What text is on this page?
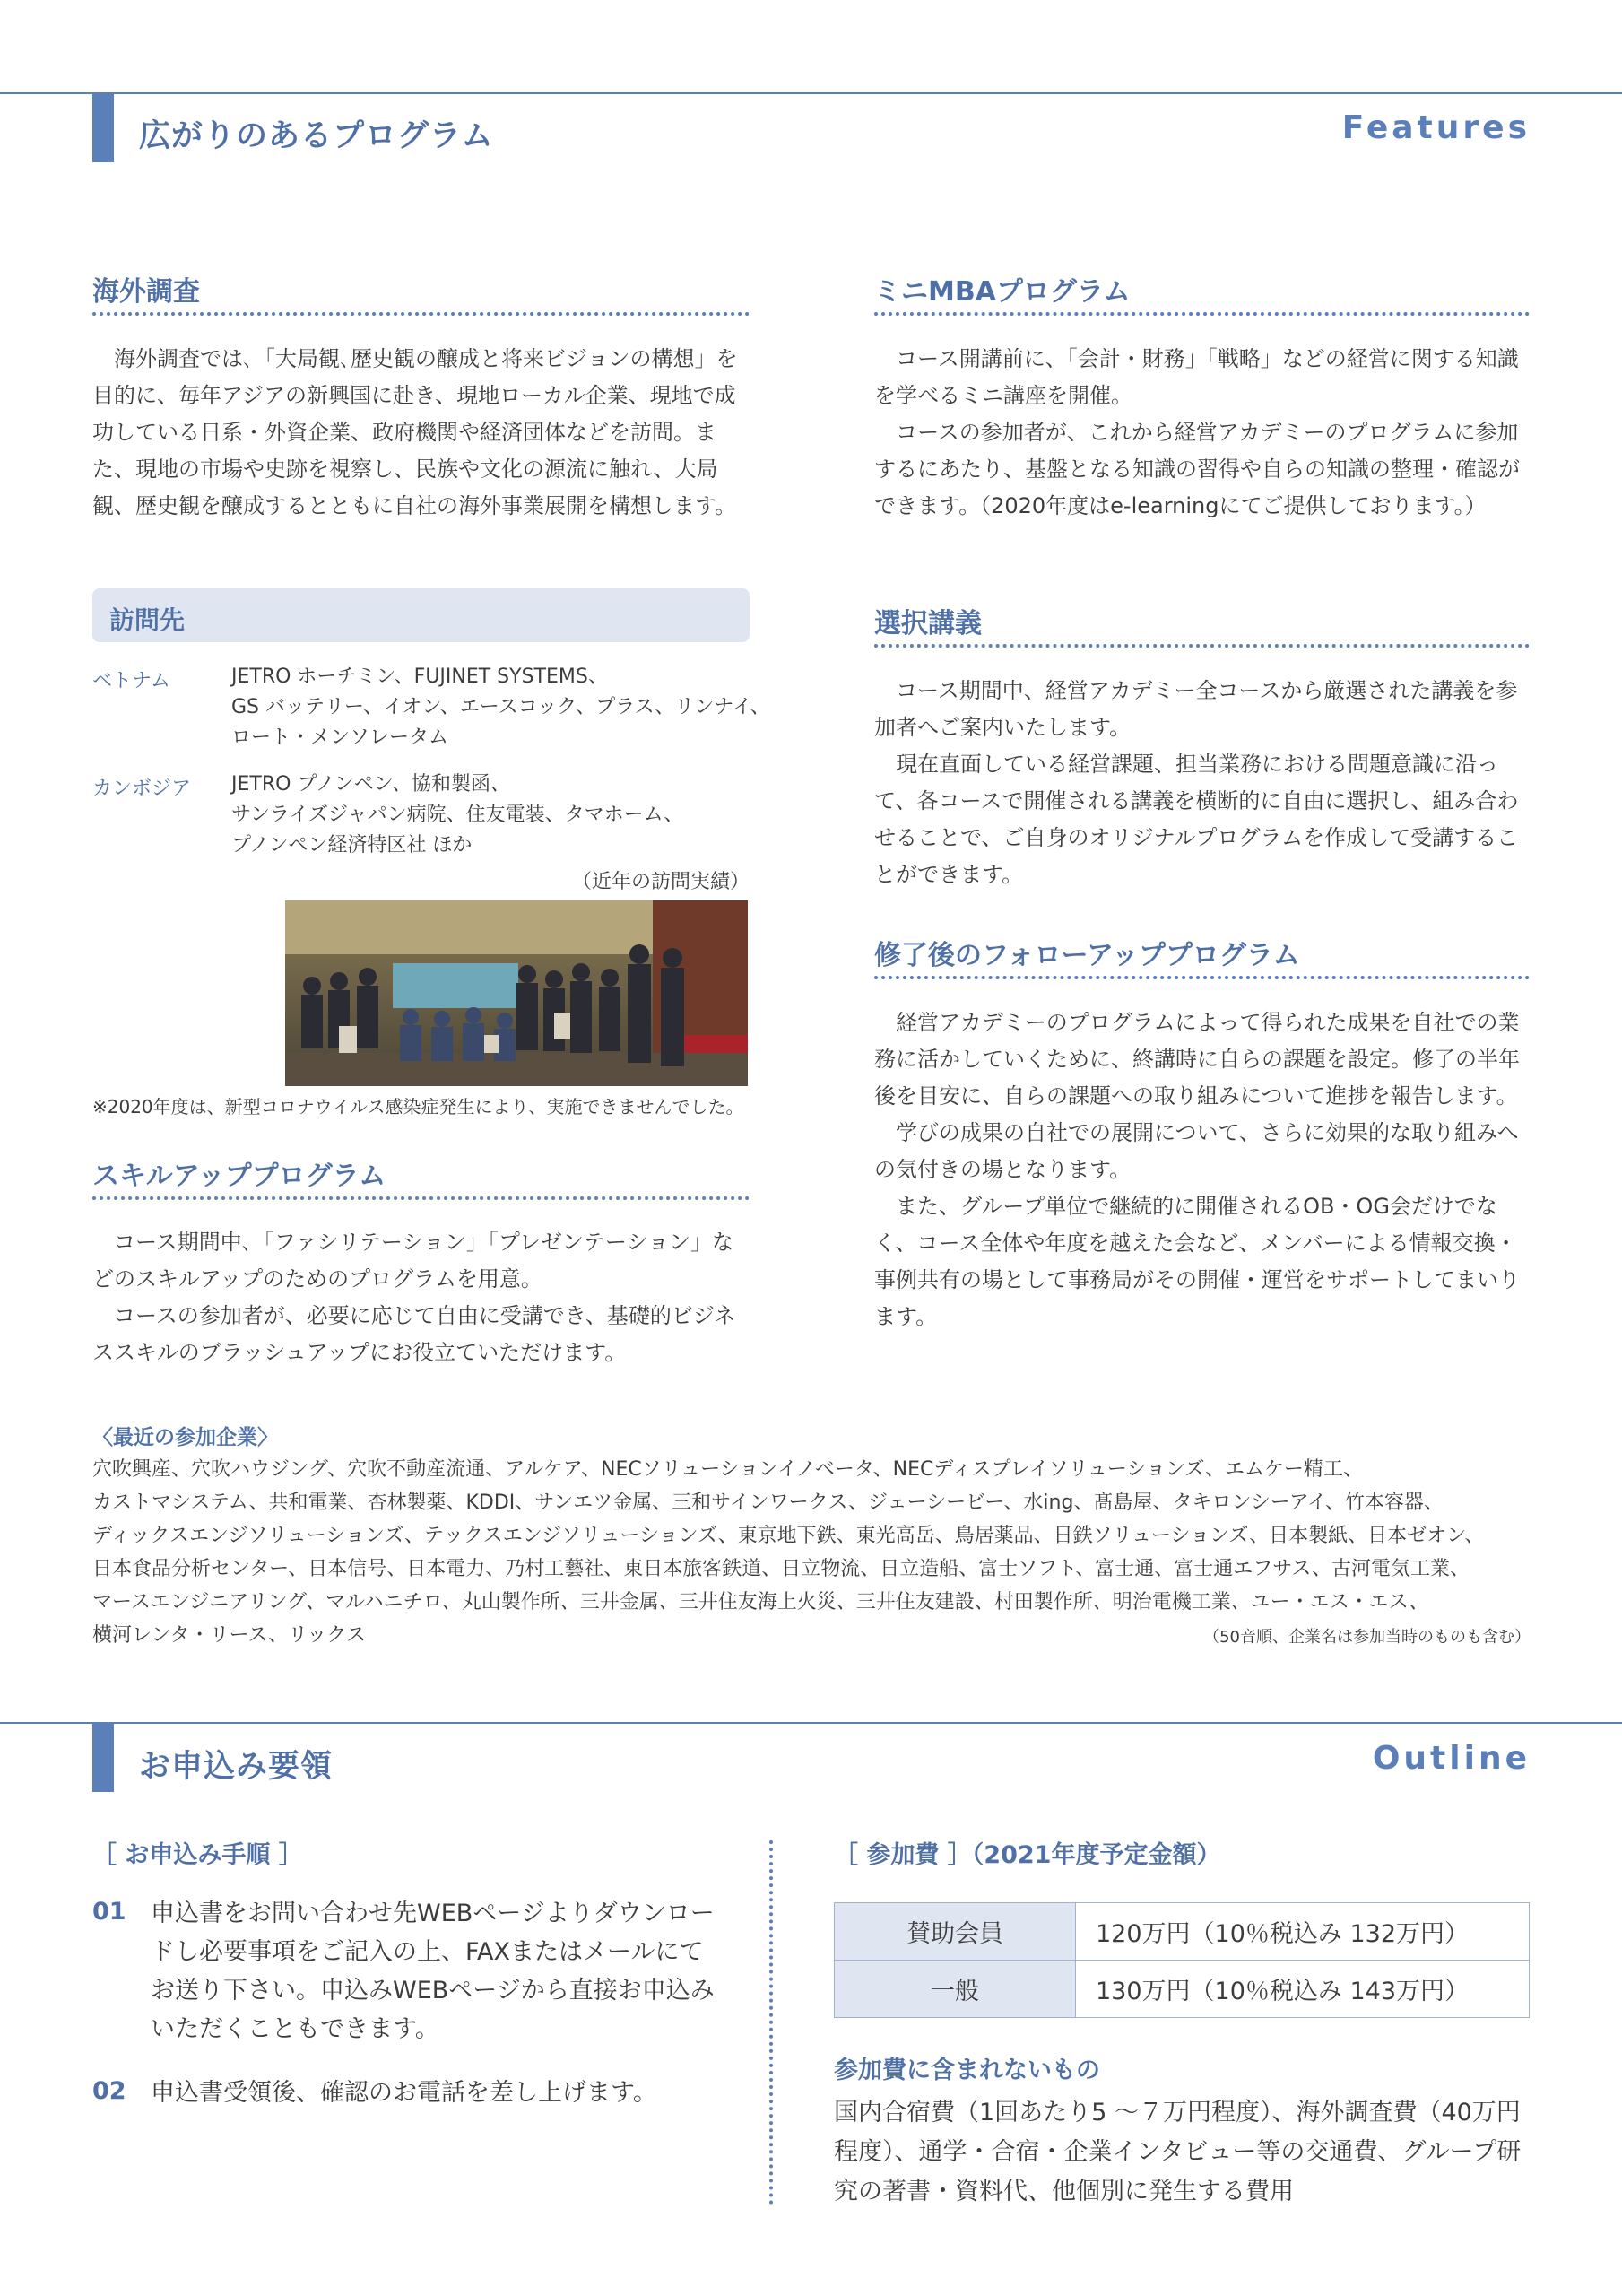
広がりのあるプログラム	Features
海外調査

海外調査では､「大局観､歴史観の醸成と将来ビジョンの構想」を目的に、毎年アジアの新興国に赴き、現地ローカル企業、現地で成功している日系・外資企業、政府機関や経済団体などを訪問。また、現地の市場や史跡を視察し、民族や文化の源流に触れ、大局観、歴史観を醸成するとともに自社の海外事業展開を構想します。

訪問先
ベトナム	JETRO ホーチミン、FUJINET SYSTEMS、
GS バッテリー、イオン、エースコック、プラス、リンナイ、
ロート・メンソレータム
カンボジア JETRO プノンペン、協和製函、
サンライズジャパン病院、住友電装、タマホーム、
プノンペン経済特区社 ほか
（近年の訪問実績）
※2020年度は、新型コロナウイルス感染症発生により、実施できませんでした。
スキルアッププログラム

コース期間中､「ファシリテーション」「プレゼンテーション」などのスキルアップのためのプログラムを用意。

コースの参加者が、必要に応じて自由に受講でき、基礎的ビジネススキルのブラッシュアップにお役立ていただけます。

ミニMBAプログラム

コース開講前に、「会計・財務」「戦略」などの経営に関する知識を学べるミニ講座を開催。

コースの参加者が、これから経営アカデミーのプログラムに参加するにあたり、基盤となる知識の習得や自らの知識の整理・確認ができます。（2020年度はe-learningにてご提供しております。）

選択講義

コース期間中、経営アカデミー全コースから厳選された講義を参加者へご案内いたします。

現在直面している経営課題、担当業務における問題意識に沿って、各コースで開催される講義を横断的に自由に選択し、組み合わせることで、ご自身のオリジナルプログラムを作成して受講することができます。

修了後のフォローアッププログラム

経営アカデミーのプログラムによって得られた成果を自社での業務に活かしていくために、終講時に自らの課題を設定。修了の半年後を目安に、自らの課題への取り組みについて進捗を報告します。

学びの成果の自社での展開について、さらに効果的な取り組みへの気付きの場となります。

また、グループ単位で継続的に開催されるOB・OG会だけでなく、コース全体や年度を越えた会など、メンバーによる情報交換・事例共有の場として事務局がその開催・運営をサポートしてまいります。

〈最近の参加企業〉
穴吹興産、穴吹ハウジング、穴吹不動産流通、アルケア、NECソリューションイノベータ、NECディスプレイソリューションズ、エムケー精工、
カストマシステム、共和電業、杏林製薬、KDDI、サンエツ金属、三和サインワークス、ジェーシービー、水ing、髙島屋、タキロンシーアイ、竹本容器、
ディックスエンジソリューションズ、テックスエンジソリューションズ、東京地下鉄、東光高岳、鳥居薬品、日鉄ソリューションズ、日本製紙、日本ゼオン、
日本食品分析センター、日本信号、日本電力、乃村工藝社、東日本旅客鉄道、日立物流、日立造船、富士ソフト、富士通、富士通エフサス、古河電気工業、
マースエンジニアリング、マルハニチロ、丸山製作所、三井金属、三井住友海上火災、三井住友建設、村田製作所、明治電機工業、ユー・エス・エス、
横河レンタ・リース、リックス	（50音順、企業名は参加当時のものも含む）
お申込み要領	Outline
［ お申込み手順 ］
01 申込書をお問い合わせ先WEBページよりダウンロードし必要事項をご記入の上、FAXまたはメールにてお送り下さい。申込みWEBページから直接お申込みいただくこともできます。
02 申込書受領後、確認のお電話を差し上げます。
［ 参加費 ］（2021年度予定金額）
賛助会員	120万円（10％税込み 132万円）
一般	130万円（10％税込み 143万円）
参加費に含まれないもの
国内合宿費（1回あたり5 ～７万円程度）、海外調査費（40万円程度）、通学・合宿・企業インタビュー等の交通費、グループ研究の著書・資料代、他個別に発生する費用
